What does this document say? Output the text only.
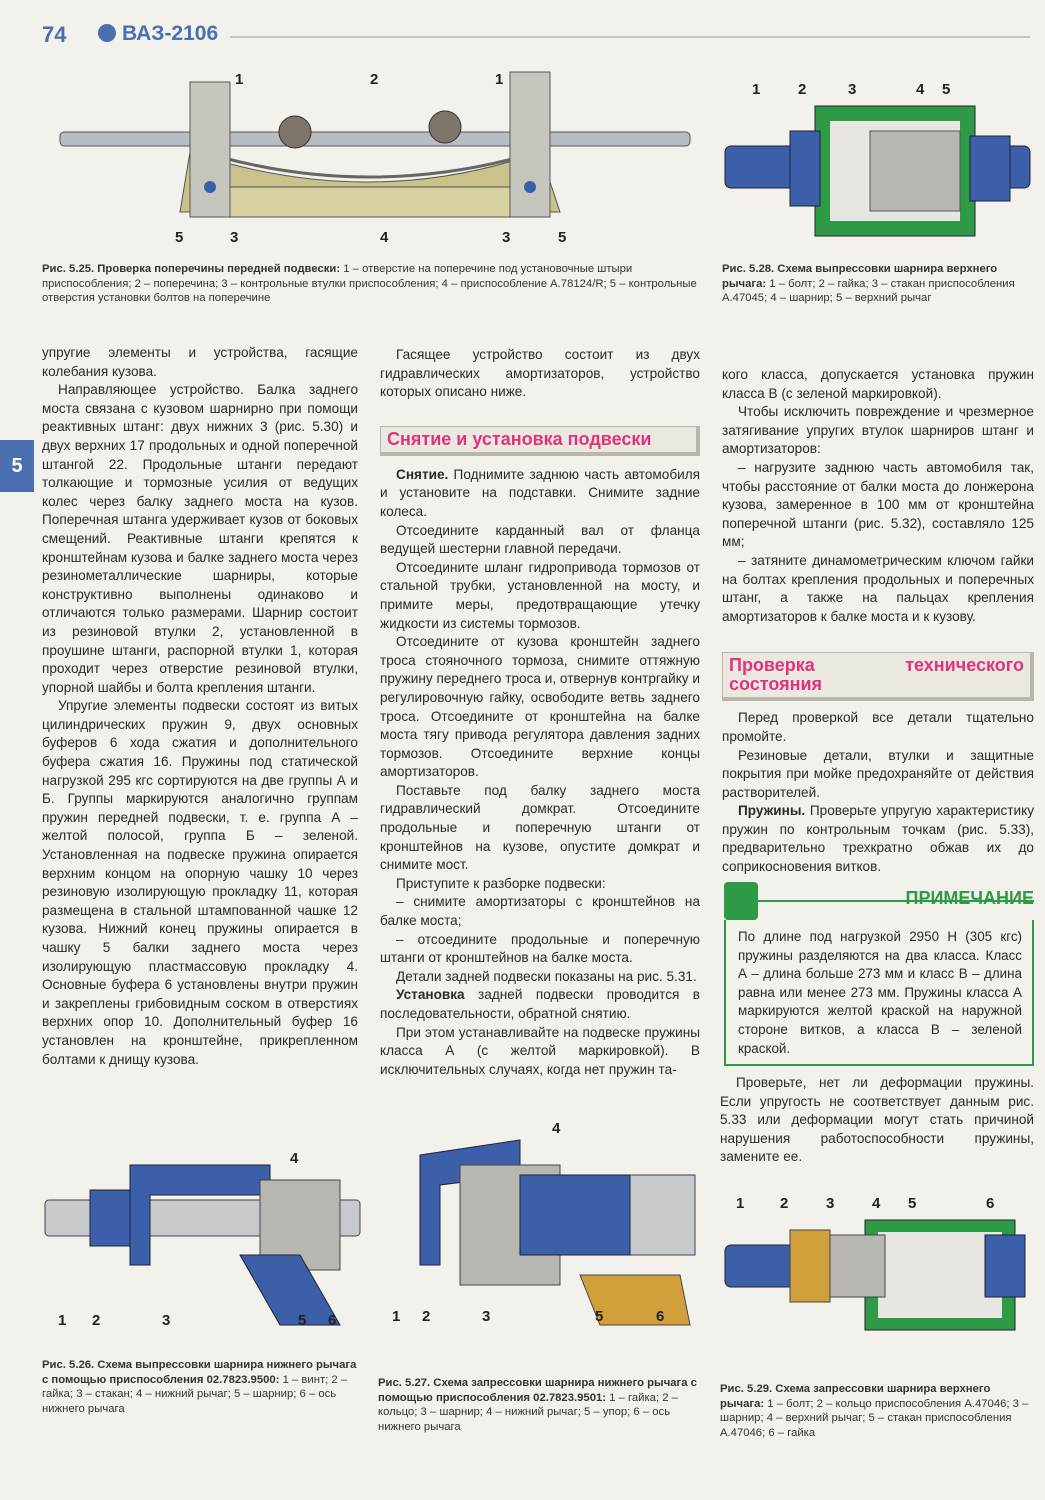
74	ВАЗ-2106
5
1	2	1
5	3	4	3	5
Рис. 5.25. Проверка поперечины передней подвески: 1 – отверстие на поперечине под установочные штыри приспособления; 2 – поперечина; 3 – контрольные втулки приспособления; 4 – приспособление А.78124/R; 5 – контрольные отверстия установки болтов на поперечине
1	2	3	4 5
Рис. 5.28. Схема выпрессовки шарнира верхнего рычага: 1 – болт; 2 – гайка; 3 – стакан приспособления А.47045; 4 – шарнир; 5 – верхний рычаг

упругие элементы и устройства, гасящие колебания кузова.

Направляющее устройство. Балка заднего моста связана с кузовом шарнирно при помощи реактивных штанг: двух нижних 3 (рис. 5.30) и двух верхних 17 продольных и одной поперечной штангой 22. Продольные штанги передают толкающие и тормозные усилия от ведущих колес через балку заднего моста на кузов. Поперечная штанга удерживает кузов от боковых смещений. Реактивные штанги крепятся к кронштейнам кузова и балке заднего моста через резинометаллические шарниры, которые конструктивно выполнены одинаково и отличаются только размерами. Шарнир состоит из резиновой втулки 2, установленной в проушине штанги, распорной втулки 1, которая проходит через отверстие резиновой втулки, упорной шайбы и болта крепления штанги.

Упругие элементы подвески состоят из витых цилиндрических пружин 9, двух основных буферов 6 хода сжатия и дополнительного буфера сжатия 16. Пружины под статической нагрузкой 295 кгс сортируются на две группы А и Б. Группы маркируются аналогично группам пружин передней подвески, т. е. группа А – желтой полосой, группа Б – зеленой. Установленная на подвеске пружина опирается верхним концом на опорную чашку 10 через резиновую изолирующую прокладку 11, которая размещена в стальной штампованной чашке 12 кузова. Нижний конец пружины опирается в чашку 5 балки заднего моста через изолирующую пластмассовую прокладку 4. Основные буфера 6 установлены внутри пружин и закреплены грибовидным соском в отверстиях верхних опор 10. Дополнительный буфер 16 установлен на кронштейне, прикрепленном болтами к днищу кузова.

Гасящее устройство состоит из двух гидравлических амортизаторов, устройство которых описано ниже.

Снятие и установка подвески

Снятие. Поднимите заднюю часть автомобиля и установите на подставки. Снимите задние колеса.

Отсоедините карданный вал от фланца ведущей шестерни главной передачи.

Отсоедините шланг гидропривода тормозов от стальной трубки, установленной на мосту, и примите меры, предотвращающие утечку жидкости из системы тормозов.

Отсоедините от кузова кронштейн заднего троса стояночного тормоза, снимите оттяжную пружину переднего троса и, отвернув контргайку и регулировочную гайку, освободите ветвь заднего троса. Отсоедините от кронштейна на балке моста тягу привода регулятора давления задних тормозов. Отсоедините верхние концы амортизаторов.

Поставьте под балку заднего моста гидравлический домкрат. Отсоедините продольные и поперечную штанги от кронштейнов на кузове, опустите домкрат и снимите мост.

Приступите к разборке подвески:

– снимите амортизаторы с кронштейнов на балке моста;

– отсоедините продольные и поперечную штанги от кронштейнов на балке моста.

Детали задней подвески показаны на рис. 5.31.

Установка задней подвески проводится в последовательности, обратной снятию.

При этом устанавливайте на подвеске пружины класса А (с желтой маркировкой). В исключительных случаях, когда нет пружин та-

кого класса, допускается установка пружин класса В (с зеленой маркировкой).

Чтобы исключить повреждение и чрезмерное затягивание упругих втулок шарниров штанг и амортизаторов:

– нагрузите заднюю часть автомобиля так, чтобы расстояние от балки моста до лонжерона кузова, замеренное в 100 мм от кронштейна поперечной штанги (рис. 5.32), составляло 125 мм;

– затяните динамометрическим ключом гайки на болтах крепления продольных и поперечных штанг, а также на пальцах крепления амортизаторов к балке моста и к кузову.

Проверка технического состояния

Перед проверкой все детали тщательно промойте.

Резиновые детали, втулки и защитные покрытия при мойке предохраняйте от действия растворителей.

Пружины. Проверьте упругую характеристику пружин по контрольным точкам (рис. 5.33), предварительно трехкратно обжав их до соприкосновения витков.

ПРИМЕЧАНИЕ
По длине под нагрузкой 2950 Н (305 кгс) пружины разделяются на два класса. Класс А – длина больше 273 мм и класс В – длина равна или менее 273 мм. Пружины класса А маркируются желтой краской на наружной стороне витков, а класса В – зеленой краской.

Проверьте, нет ли деформации пружины. Если упругость не соответствует данным рис. 5.33 или деформации могут стать причиной нарушения работоспособности пружины, замените ее.

4
1 2	3	5 6
Рис. 5.26. Схема выпрессовки шарнира нижнего рычага с помощью приспособления 02.7823.9500: 1 – винт; 2 – гайка; 3 – стакан; 4 – нижний рычаг; 5 – шарнир; 6 – ось нижнего рычага
4
1 2	3	5	6
Рис. 5.27. Схема запрессовки шарнира нижнего рычага с помощью приспособления 02.7823.9501: 1 – гайка; 2 – кольцо; 3 – шарнир; 4 – нижний рычаг; 5 – упор; 6 – ось нижнего рычага
1 2	3	4 5	6
Рис. 5.29. Схема запрессовки шарнира верхнего рычага: 1 – болт; 2 – кольцо приспособления А.47046; 3 – шарнир; 4 – верхний рычаг; 5 – стакан приспособления А.47046; 6 – гайка
